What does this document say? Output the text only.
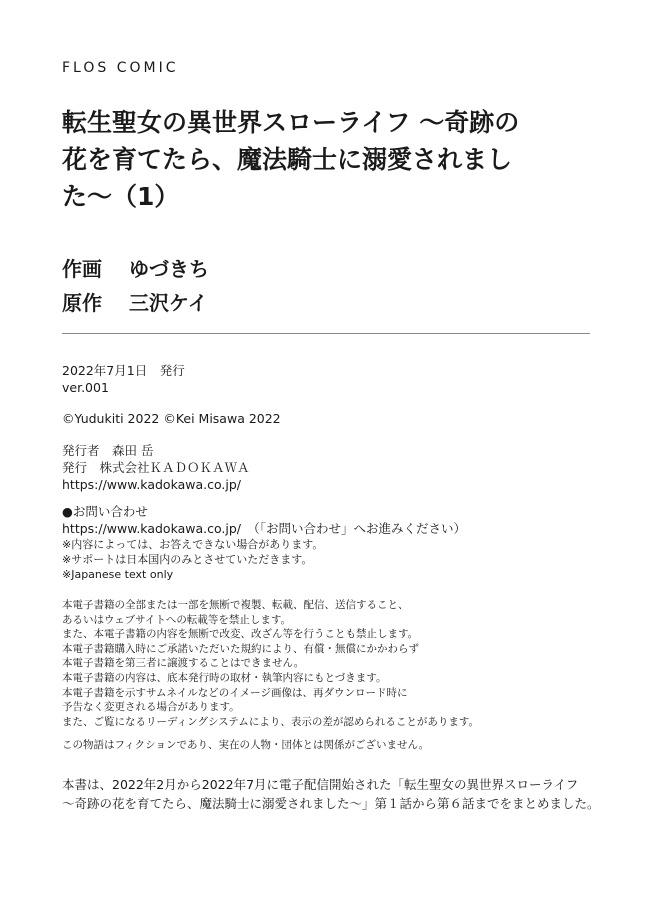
FLOS COMIC
転生聖女の異世界スローライフ ～奇跡の
花を育てたら、魔法騎士に溺愛されまし
た～（1）
作画 ゆづきち
原作 三沢ケイ
2022年7月1日　発行
ver.001
©Yudukiti 2022 ©Kei Misawa 2022
発行者　森田 岳
発行　株式会社ＫＡＤＯＫＡＷＡ
https://www.kadokawa.co.jp/
●お問い合わせ
https://www.kadokawa.co.jp/　（「お問い合わせ」へお進みください）
※内容によっては、お答えできない場合があります。
※サポートは日本国内のみとさせていただきます。
※Japanese text only
本電子書籍の全部または一部を無断で複製、転載、配信、送信すること、
あるいはウェブサイトへの転載等を禁止します。
また、本電子書籍の内容を無断で改変、改ざん等を行うことも禁止します。
本電子書籍購入時にご承諾いただいた規約により、有償・無償にかかわらず
本電子書籍を第三者に譲渡することはできません。
本電子書籍の内容は、底本発行時の取材・執筆内容にもとづきます。
本電子書籍を示すサムネイルなどのイメージ画像は、再ダウンロード時に
予告なく変更される場合があります。
また、ご覧になるリーディングシステムにより、表示の差が認められることがあります。
この物語はフィクションであり、実在の人物・団体とは関係がございません。
本書は、2022年2月から2022年7月に電子配信開始された「転生聖女の異世界スローライフ
～奇跡の花を育てたら、魔法騎士に溺愛されました～」第１話から第６話までをまとめました。
